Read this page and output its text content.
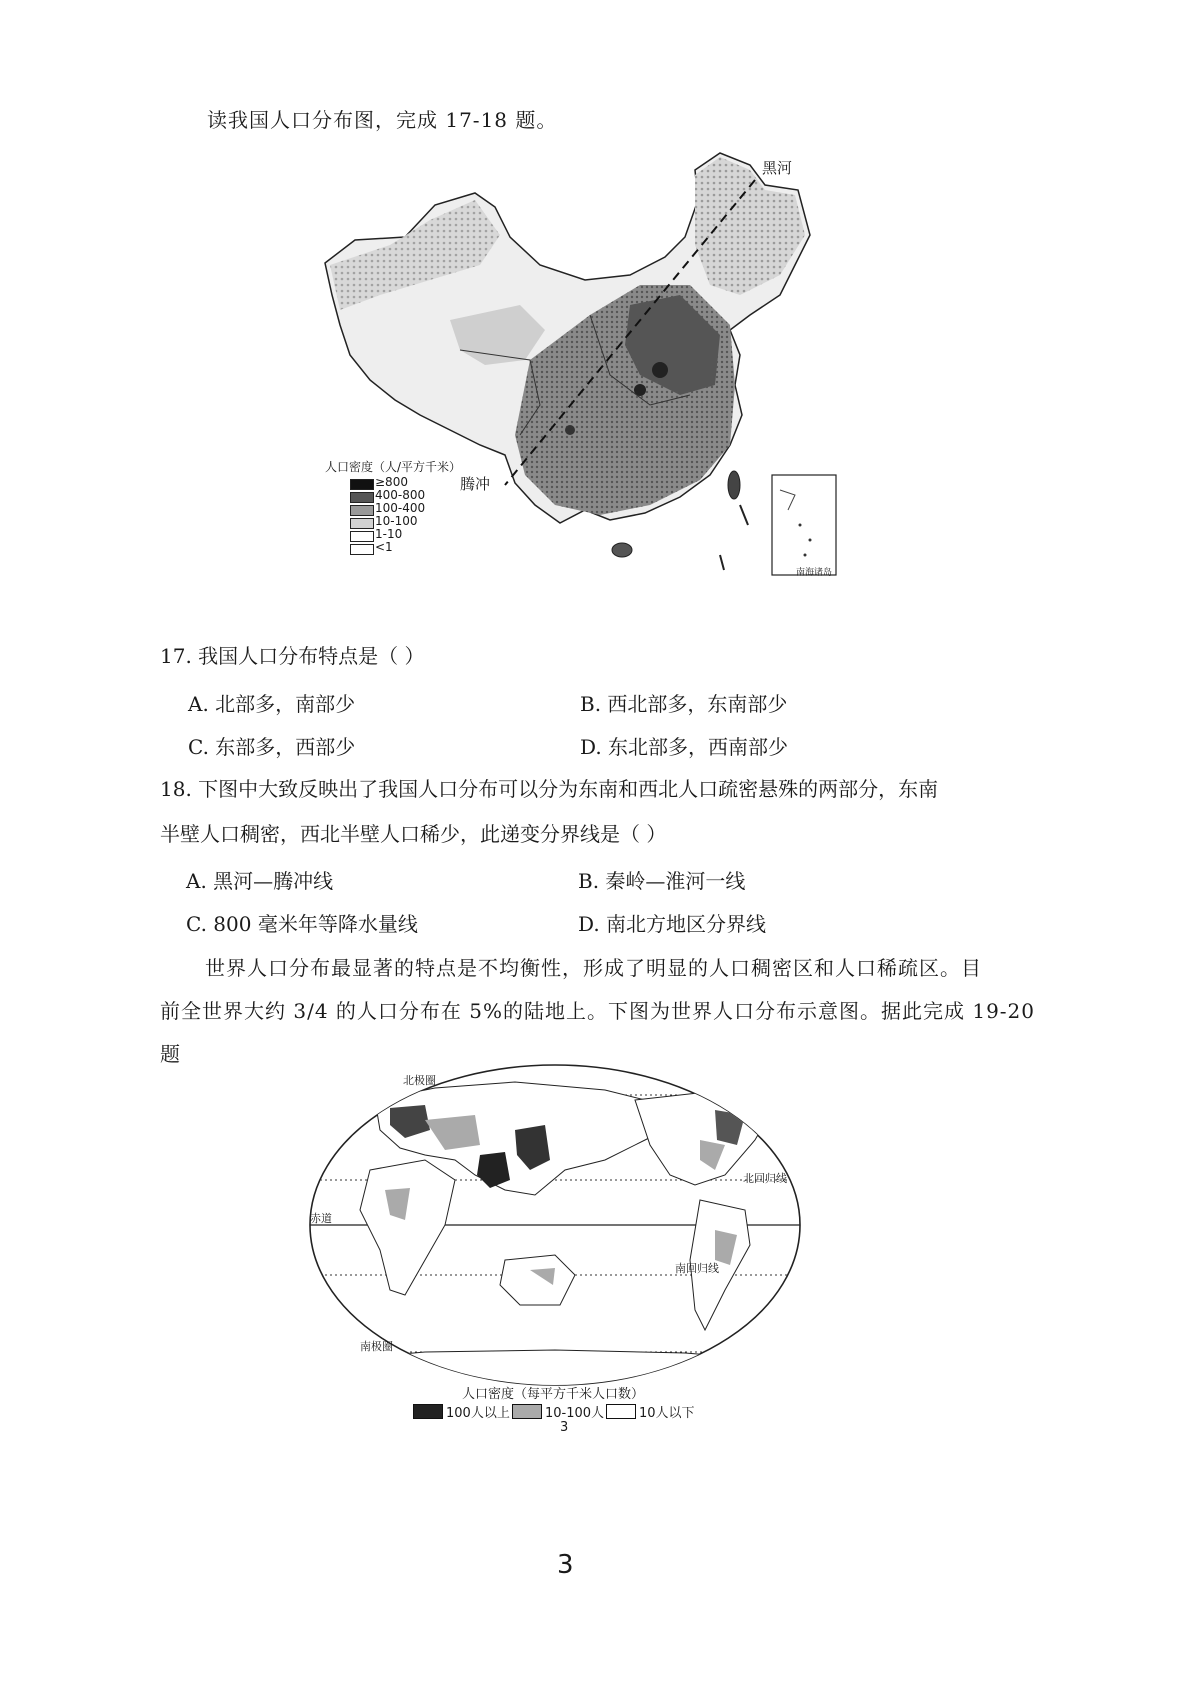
读我国人口分布图，完成 17-18 题。
黑河
腾冲
南海诸岛
人口密度（人/平方千米）
≥800
400-800
100-400
10-100
1-10
<1
17. 我国人口分布特点是（ ）
A. 北部多，南部少	B. 西北部多，东南部少
C. 东部多，西部少	D. 东北部多，西南部少
18. 下图中大致反映出了我国人口分布可以分为东南和西北人口疏密悬殊的两部分，东南
半壁人口稠密，西北半壁人口稀少，此递变分界线是（ ）
A. 黑河—腾冲线	B. 秦岭—淮河一线
C. 800 毫米年等降水量线	D. 南北方地区分界线
世界人口分布最显著的特点是不均衡性，形成了明显的人口稠密区和人口稀疏区。目
前全世界大约 3/4 的人口分布在 5%的陆地上。下图为世界人口分布示意图。据此完成 19-20
题
北极圈
北回归线
赤道
南回归线
南极圈
人口密度（每平方千米人口数）
100人以上	10-100人	10人以下
3
3
